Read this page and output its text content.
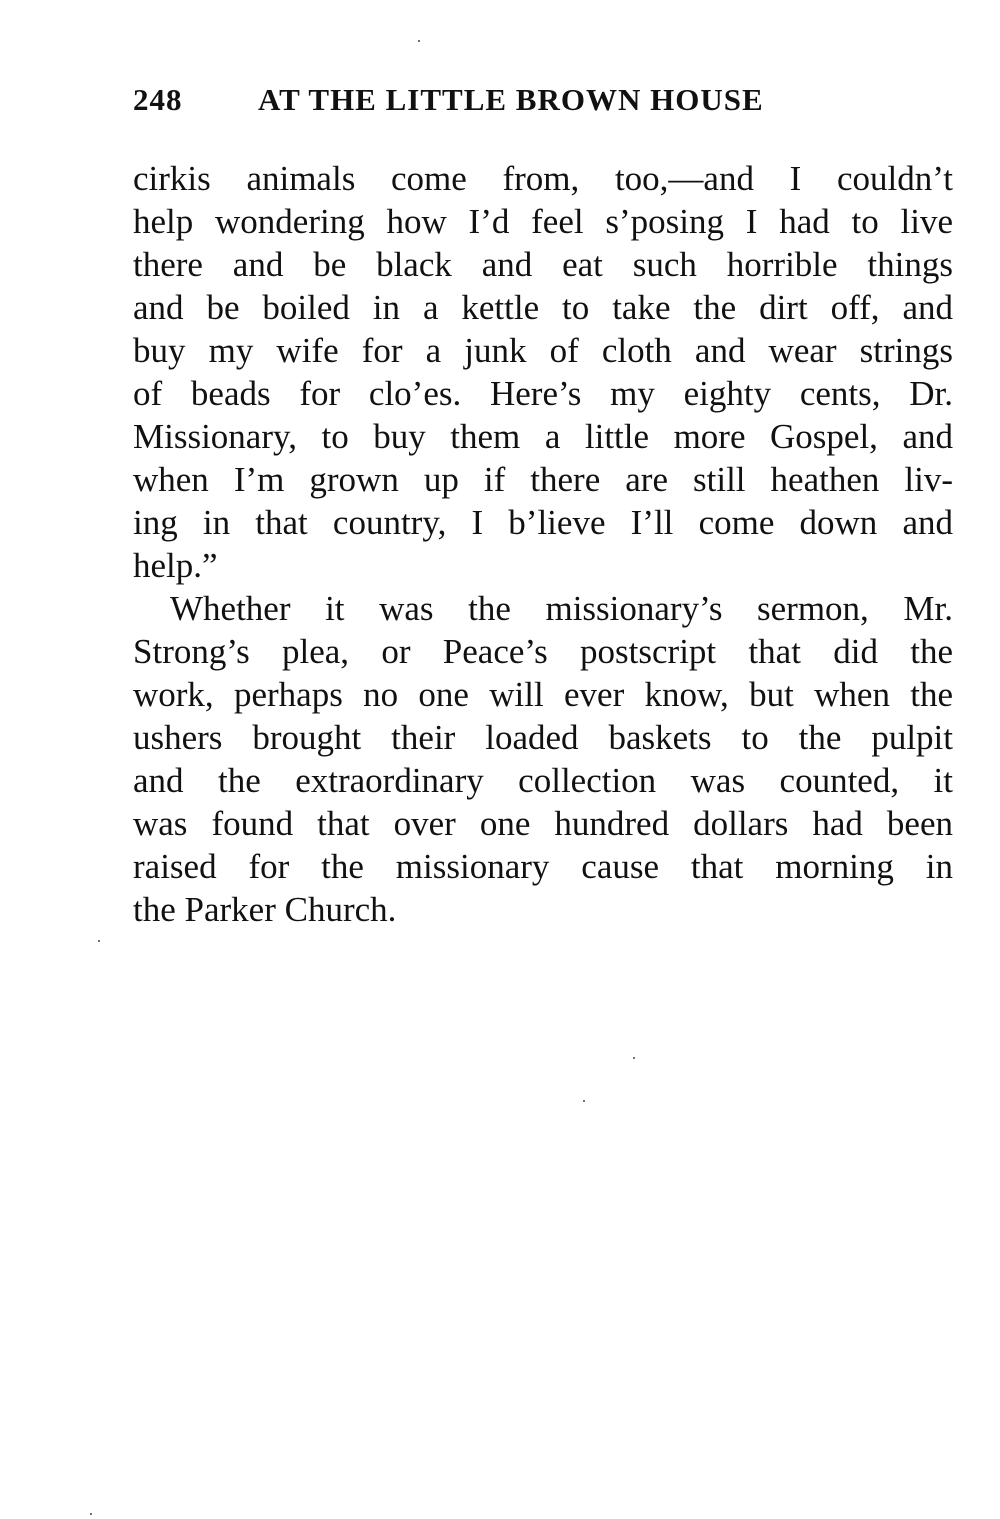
248 AT THE LITTLE BROWN HOUSE
cirkis animals come from, too,—and I couldn’t
help wondering how I’d feel s’posing I had to live
there and be black and eat such horrible things
and be boiled in a kettle to take the dirt off, and
buy my wife for a junk of cloth and wear strings
of beads for clo’es. Here’s my eighty cents, Dr.
Missionary, to buy them a little more Gospel, and
when I’m grown up if there are still heathen liv-
ing in that country, I b’lieve I’ll come down and
help.”
Whether it was the missionary’s sermon, Mr.
Strong’s plea, or Peace’s postscript that did the
work, perhaps no one will ever know, but when the
ushers brought their loaded baskets to the pulpit
and the extraordinary collection was counted, it
was found that over one hundred dollars had been
raised for the missionary cause that morning in
the Parker Church.
